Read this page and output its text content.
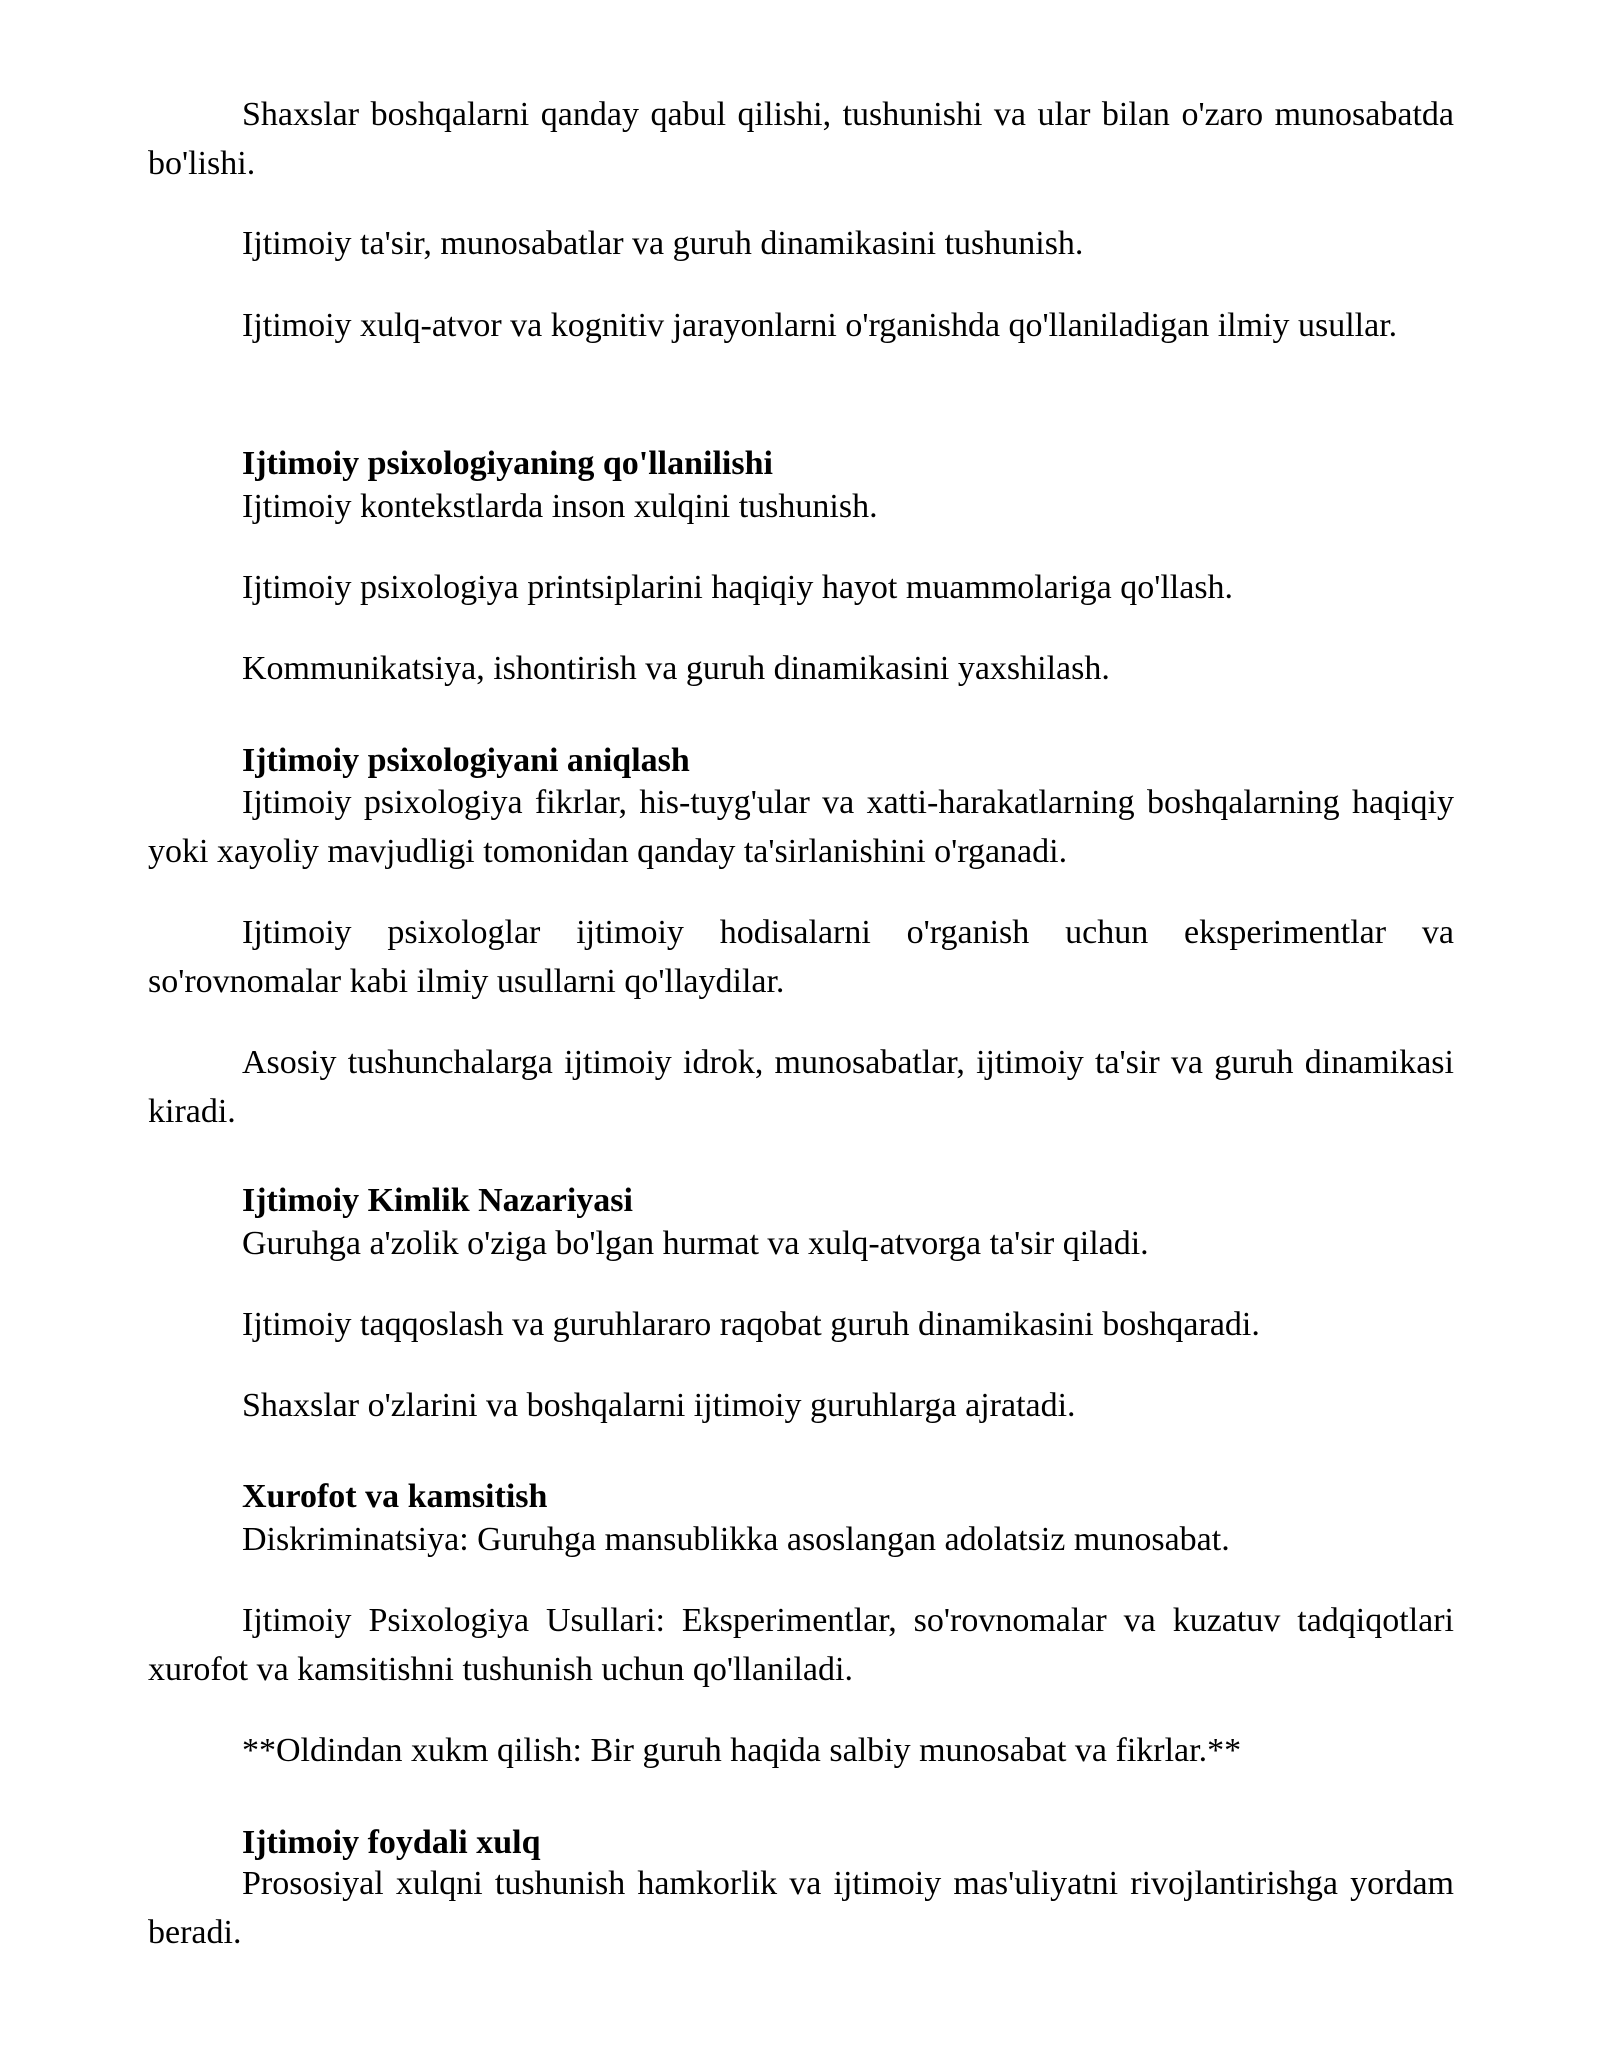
Shaxslar boshqalarni qanday qabul qilishi, tushunishi va ular bilan o'zaro munosabatda bo'lishi.

Ijtimoiy ta'sir, munosabatlar va guruh dinamikasini tushunish.

Ijtimoiy xulq-atvor va kognitiv jarayonlarni o'rganishda qo'llaniladigan ilmiy usullar.

Ijtimoiy psixologiyaning qo'llanilishi

Ijtimoiy kontekstlarda inson xulqini tushunish.

Ijtimoiy psixologiya printsiplarini haqiqiy hayot muammolariga qo'llash.

Kommunikatsiya, ishontirish va guruh dinamikasini yaxshilash.

Ijtimoiy psixologiyani aniqlash

Ijtimoiy psixologiya fikrlar, his-tuyg'ular va xatti-harakatlarning boshqalarning haqiqiy yoki xayoliy mavjudligi tomonidan qanday ta'sirlanishini o'rganadi.

Ijtimoiy psixologlar ijtimoiy hodisalarni o'rganish uchun eksperimentlar va so'rovnomalar kabi ilmiy usullarni qo'llaydilar.

Asosiy tushunchalarga ijtimoiy idrok, munosabatlar, ijtimoiy ta'sir va guruh dinamikasi kiradi.

Ijtimoiy Kimlik Nazariyasi

Guruhga a'zolik o'ziga bo'lgan hurmat va xulq-atvorga ta'sir qiladi.

Ijtimoiy taqqoslash va guruhlararo raqobat guruh dinamikasini boshqaradi.

Shaxslar o'zlarini va boshqalarni ijtimoiy guruhlarga ajratadi.

Xurofot va kamsitish

Diskriminatsiya: Guruhga mansublikka asoslangan adolatsiz munosabat.

Ijtimoiy Psixologiya Usullari: Eksperimentlar, so'rovnomalar va kuzatuv tadqiqotlari xurofot va kamsitishni tushunish uchun qo'llaniladi.

**Oldindan xukm qilish: Bir guruh haqida salbiy munosabat va fikrlar.**

Ijtimoiy foydali xulq

Prososiyal xulqni tushunish hamkorlik va ijtimoiy mas'uliyatni rivojlantirishga yordam beradi.
